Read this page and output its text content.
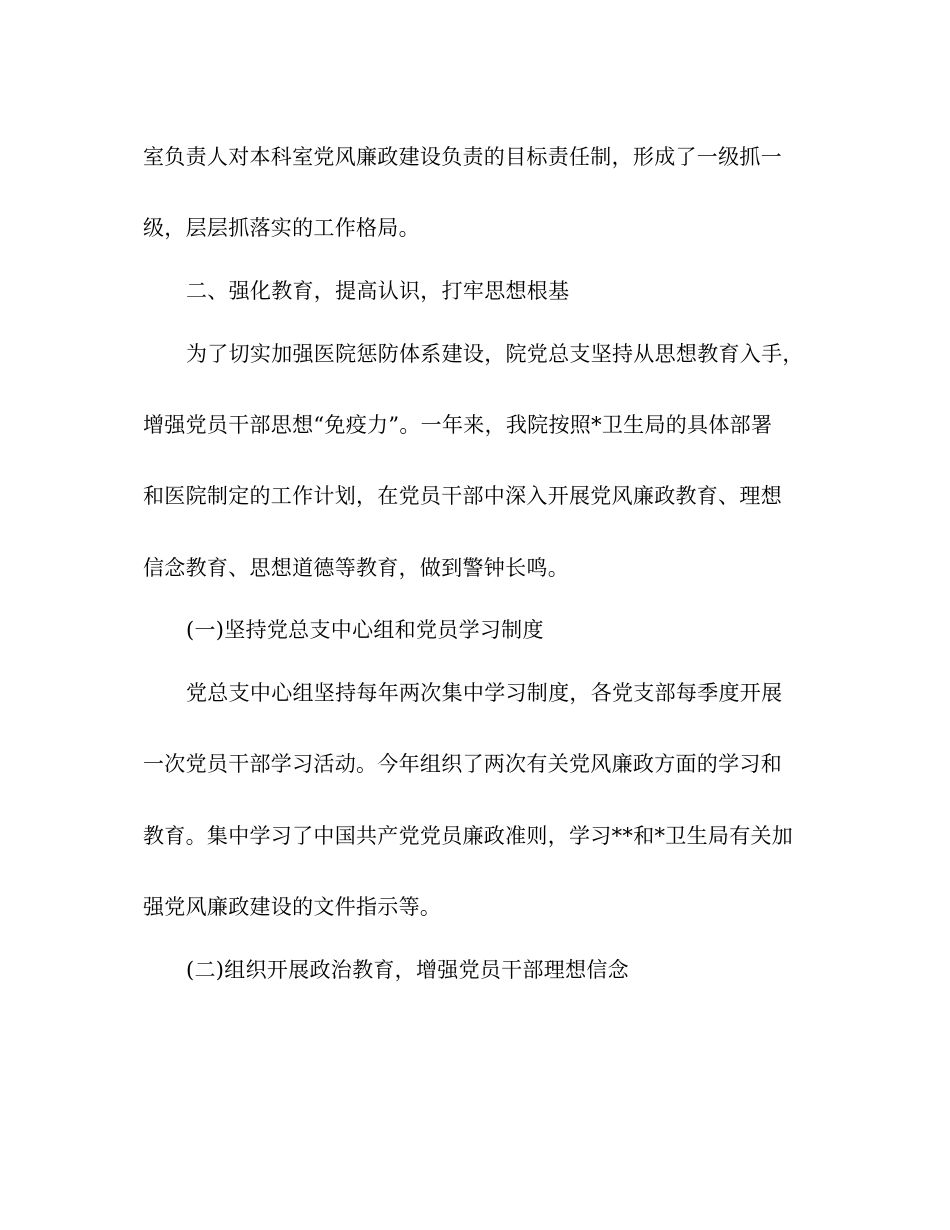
室负责人对本科室党风廉政建设负责的目标责任制，形成了一级抓一
级，层层抓落实的工作格局。
二、强化教育，提高认识，打牢思想根基
为了切实加强医院惩防体系建设，院党总支坚持从思想教育入手，
增强党员干部思想“免疫力”。一年来，我院按照*卫生局的具体部署
和医院制定的工作计划，在党员干部中深入开展党风廉政教育、理想
信念教育、思想道德等教育，做到警钟长鸣。
(一)坚持党总支中心组和党员学习制度
党总支中心组坚持每年两次集中学习制度，各党支部每季度开展
一次党员干部学习活动。今年组织了两次有关党风廉政方面的学习和
教育。集中学习了中国共产党党员廉政准则，学习**和*卫生局有关加
强党风廉政建设的文件指示等。
(二)组织开展政治教育，增强党员干部理想信念
